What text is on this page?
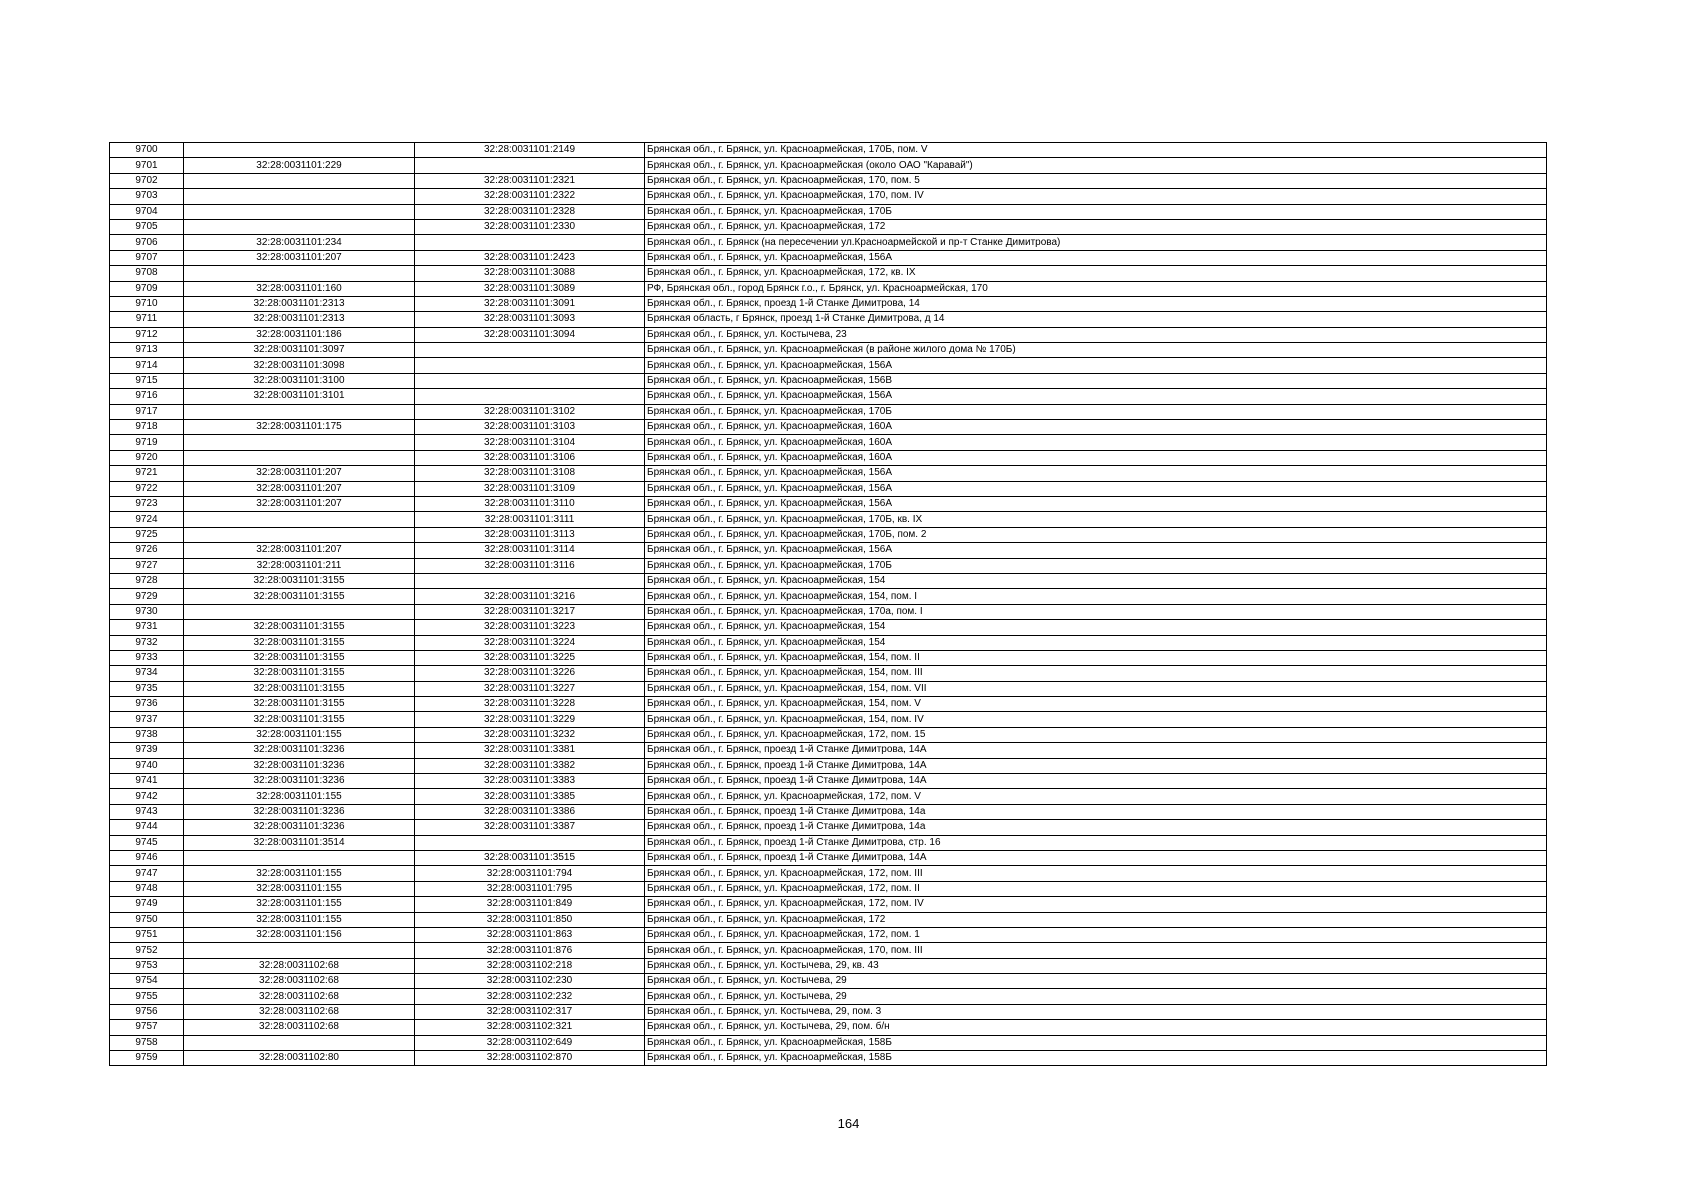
9700		32:28:0031101:2149	Брянская обл., г. Брянск, ул. Красноармейская, 170Б, пом. V
9701	32:28:0031101:229		Брянская обл., г. Брянск, ул. Красноармейская (около ОАО "Каравай")
9702		32:28:0031101:2321	Брянская обл., г. Брянск, ул. Красноармейская, 170, пом. 5
9703		32:28:0031101:2322	Брянская обл., г. Брянск, ул. Красноармейская, 170, пом. IV
9704		32:28:0031101:2328	Брянская обл., г. Брянск, ул. Красноармейская, 170Б
9705		32:28:0031101:2330	Брянская обл., г. Брянск, ул. Красноармейская, 172
9706	32:28:0031101:234		Брянская обл., г. Брянск (на пересечении ул.Красноармейской и пр-т Станке Димитрова)
9707	32:28:0031101:207	32:28:0031101:2423	Брянская обл., г. Брянск, ул. Красноармейская, 156А
9708		32:28:0031101:3088	Брянская обл., г. Брянск, ул. Красноармейская, 172, кв. IX
9709	32:28:0031101:160	32:28:0031101:3089	РФ, Брянская обл., город Брянск г.о., г. Брянск, ул. Красноармейская, 170
9710	32:28:0031101:2313	32:28:0031101:3091	Брянская обл., г. Брянск, проезд 1-й Станке Димитрова, 14
9711	32:28:0031101:2313	32:28:0031101:3093	Брянская область, г Брянск, проезд 1-й Станке Димитрова, д 14
9712	32:28:0031101:186	32:28:0031101:3094	Брянская обл., г. Брянск, ул. Костычева, 23
9713	32:28:0031101:3097		Брянская обл., г. Брянск, ул. Красноармейская (в районе жилого дома № 170Б)
9714	32:28:0031101:3098		Брянская обл., г. Брянск, ул. Красноармейская, 156А
9715	32:28:0031101:3100		Брянская обл., г. Брянск, ул. Красноармейская, 156В
9716	32:28:0031101:3101		Брянская обл., г. Брянск, ул. Красноармейская, 156А
9717		32:28:0031101:3102	Брянская обл., г. Брянск, ул. Красноармейская, 170Б
9718	32:28:0031101:175	32:28:0031101:3103	Брянская обл., г. Брянск, ул. Красноармейская, 160А
9719		32:28:0031101:3104	Брянская обл., г. Брянск, ул. Красноармейская, 160А
9720		32:28:0031101:3106	Брянская обл., г. Брянск, ул. Красноармейская, 160А
9721	32:28:0031101:207	32:28:0031101:3108	Брянская обл., г. Брянск, ул. Красноармейская, 156А
9722	32:28:0031101:207	32:28:0031101:3109	Брянская обл., г. Брянск, ул. Красноармейская, 156А
9723	32:28:0031101:207	32:28:0031101:3110	Брянская обл., г. Брянск, ул. Красноармейская, 156А
9724		32:28:0031101:3111	Брянская обл., г. Брянск, ул. Красноармейская, 170Б, кв. IX
9725		32:28:0031101:3113	Брянская обл., г. Брянск, ул. Красноармейская, 170Б, пом. 2
9726	32:28:0031101:207	32:28:0031101:3114	Брянская обл., г. Брянск, ул. Красноармейская, 156А
9727	32:28:0031101:211	32:28:0031101:3116	Брянская обл., г. Брянск, ул. Красноармейская, 170Б
9728	32:28:0031101:3155		Брянская обл., г. Брянск, ул. Красноармейская, 154
9729	32:28:0031101:3155	32:28:0031101:3216	Брянская обл., г. Брянск, ул. Красноармейская, 154, пом. I
9730		32:28:0031101:3217	Брянская обл., г. Брянск, ул. Красноармейская, 170а, пом. I
9731	32:28:0031101:3155	32:28:0031101:3223	Брянская обл., г. Брянск, ул. Красноармейская, 154
9732	32:28:0031101:3155	32:28:0031101:3224	Брянская обл., г. Брянск, ул. Красноармейская, 154
9733	32:28:0031101:3155	32:28:0031101:3225	Брянская обл., г. Брянск, ул. Красноармейская, 154, пом. II
9734	32:28:0031101:3155	32:28:0031101:3226	Брянская обл., г. Брянск, ул. Красноармейская, 154, пом. III
9735	32:28:0031101:3155	32:28:0031101:3227	Брянская обл., г. Брянск, ул. Красноармейская, 154, пом. VII
9736	32:28:0031101:3155	32:28:0031101:3228	Брянская обл., г. Брянск, ул. Красноармейская, 154, пом. V
9737	32:28:0031101:3155	32:28:0031101:3229	Брянская обл., г. Брянск, ул. Красноармейская, 154, пом. IV
9738	32:28:0031101:155	32:28:0031101:3232	Брянская обл., г. Брянск, ул. Красноармейская, 172, пом. 15
9739	32:28:0031101:3236	32:28:0031101:3381	Брянская обл., г. Брянск, проезд 1-й Станке Димитрова, 14А
9740	32:28:0031101:3236	32:28:0031101:3382	Брянская обл., г. Брянск, проезд 1-й Станке Димитрова, 14А
9741	32:28:0031101:3236	32:28:0031101:3383	Брянская обл., г. Брянск, проезд 1-й Станке Димитрова, 14А
9742	32:28:0031101:155	32:28:0031101:3385	Брянская обл., г. Брянск, ул. Красноармейская, 172, пом. V
9743	32:28:0031101:3236	32:28:0031101:3386	Брянская обл., г. Брянск, проезд 1-й Станке Димитрова, 14а
9744	32:28:0031101:3236	32:28:0031101:3387	Брянская обл., г. Брянск, проезд 1-й Станке Димитрова, 14а
9745	32:28:0031101:3514		Брянская обл., г. Брянск, проезд 1-й Станке Димитрова, стр. 16
9746		32:28:0031101:3515	Брянская обл., г. Брянск, проезд 1-й Станке Димитрова, 14А
9747	32:28:0031101:155	32:28:0031101:794	Брянская обл., г. Брянск, ул. Красноармейская, 172, пом. III
9748	32:28:0031101:155	32:28:0031101:795	Брянская обл., г. Брянск, ул. Красноармейская, 172, пом. II
9749	32:28:0031101:155	32:28:0031101:849	Брянская обл., г. Брянск, ул. Красноармейская, 172, пом. IV
9750	32:28:0031101:155	32:28:0031101:850	Брянская обл., г. Брянск, ул. Красноармейская, 172
9751	32:28:0031101:156	32:28:0031101:863	Брянская обл., г. Брянск, ул. Красноармейская, 172, пом. 1
9752		32:28:0031101:876	Брянская обл., г. Брянск, ул. Красноармейская, 170, пом. III
9753	32:28:0031102:68	32:28:0031102:218	Брянская обл., г. Брянск, ул. Костычева, 29, кв. 43
9754	32:28:0031102:68	32:28:0031102:230	Брянская обл., г. Брянск, ул. Костычева, 29
9755	32:28:0031102:68	32:28:0031102:232	Брянская обл., г. Брянск, ул. Костычева, 29
9756	32:28:0031102:68	32:28:0031102:317	Брянская обл., г. Брянск, ул. Костычева, 29, пом. 3
9757	32:28:0031102:68	32:28:0031102:321	Брянская обл., г. Брянск, ул. Костычева, 29, пом. б/н
9758		32:28:0031102:649	Брянская обл., г. Брянск, ул. Красноармейская, 158Б
9759	32:28:0031102:80	32:28:0031102:870	Брянская обл., г. Брянск, ул. Красноармейская, 158Б
164
